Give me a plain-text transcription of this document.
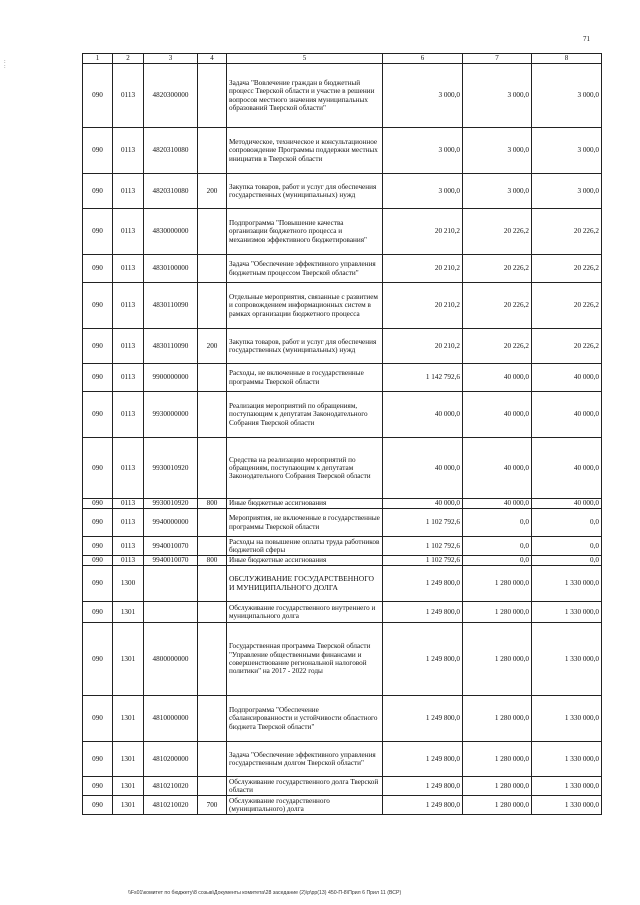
71
:
:
1	2	3	4	5	6	7	8
090	0113	4820300000		Задача "Вовлечение граждан в бюджетный процесс Тверской области и участие в решении вопросов местного значения муниципальных образований Тверской области"	3 000,0	3 000,0	3 000,0
090	0113	4820310080		Методическое, техническое и консультационное сопровождение Программы поддержки местных инициатив в Тверской области	3 000,0	3 000,0	3 000,0
090	0113	4820310080	200	Закупка товаров, работ и услуг для обеспечения государственных (муниципальных) нужд	3 000,0	3 000,0	3 000,0
090	0113	4830000000		Подпрограмма "Повышение качества организации бюджетного процесса и механизмов эффективного бюджетирования"	20 210,2	20 226,2	20 226,2
090	0113	4830100000		Задача "Обеспечение эффективного управления бюджетным процессом Тверской области"	20 210,2	20 226,2	20 226,2
090	0113	4830110090		Отдельные мероприятия, связанные с развитием и сопровождением информационных систем в рамках организации бюджетного процесса	20 210,2	20 226,2	20 226,2
090	0113	4830110090	200	Закупка товаров, работ и услуг для обеспечения государственных (муниципальных) нужд	20 210,2	20 226,2	20 226,2
090	0113	9900000000		Расходы, не включенные в государственные программы Тверской области	1 142 792,6	40 000,0	40 000,0
090	0113	9930000000		Реализация мероприятий по обращениям, поступающим к депутатам Законодательного Собрания Тверской области	40 000,0	40 000,0	40 000,0
090	0113	9930010920		Средства на реализацию мероприятий по обращениям, поступающим к депутатам Законодательного Собрания Тверской области	40 000,0	40 000,0	40 000,0
090	0113	9930010920	800	Иные бюджетные ассигнования	40 000,0	40 000,0	40 000,0
090	0113	9940000000		Мероприятия, не включенные в государственные программы Тверской области	1 102 792,6	0,0	0,0
090	0113	9940010070		Расходы на повышение оплаты труда работников бюджетной сферы	1 102 792,6	0,0	0,0
090	0113	9940010070	800	Иные бюджетные ассигнования	1 102 792,6	0,0	0,0
090	1300			ОБСЛУЖИВАНИЕ ГОСУДАРСТВЕННОГО И МУНИЦИПАЛЬНОГО ДОЛГА	1 249 800,0	1 280 000,0	1 330 000,0
090	1301			Обслуживание государственного внутреннего и муниципального долга	1 249 800,0	1 280 000,0	1 330 000,0
090	1301	4800000000		Государственная программа Тверской области "Управление общественными финансами и совершенствование региональной налоговой политики" на 2017 - 2022 годы	1 249 800,0	1 280 000,0	1 330 000,0
090	1301	4810000000		Подпрограмма "Обеспечение сбалансированности и устойчивости областного бюджета Тверской области"	1 249 800,0	1 280 000,0	1 330 000,0
090	1301	4810200000		Задача "Обеспечение эффективного управления государственным долгом Тверской области"	1 249 800,0	1 280 000,0	1 330 000,0
090	1301	4810210020		Обслуживание государственного долга Тверской области	1 249 800,0	1 280 000,0	1 330 000,0
090	1301	4810210020	700	Обслуживание государственного (муниципального) долга	1 249 800,0	1 280 000,0	1 330 000,0
\\Fs01\комитет по бюджету\8 созыв\Документы комитета\28 заседание (2)\р\рр(13) 450-П-8\Прил 6 Прил 11 (ВСР)
